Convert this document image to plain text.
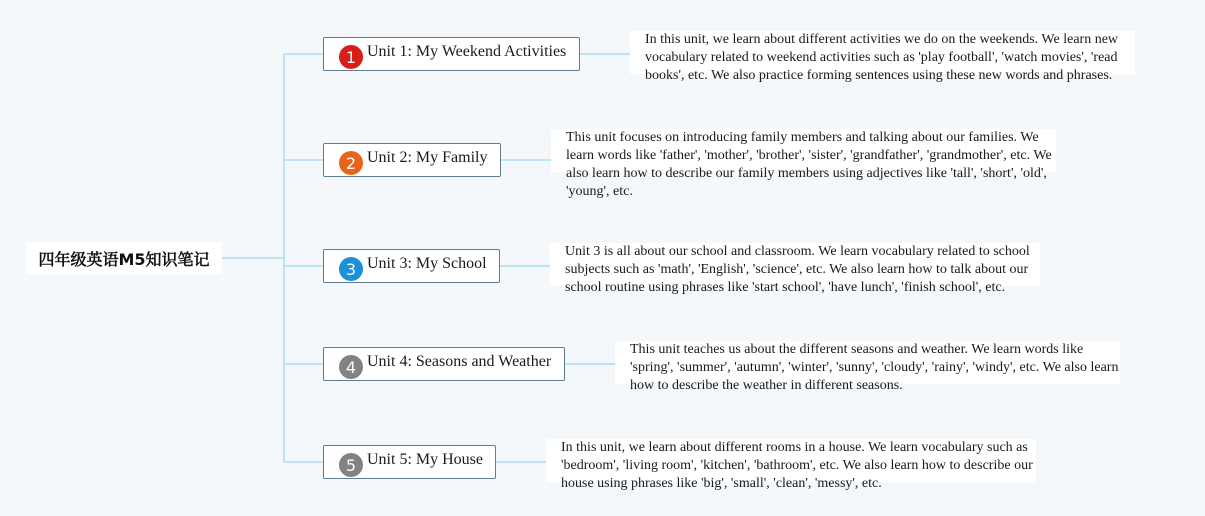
四年级英语M5知识笔记
1 Unit 1: My Weekend Activities
In this unit, we learn about different activities we do on the weekends. We learn new vocabulary related to weekend activities such as 'play football', 'watch movies', 'read books', etc. We also practice forming sentences using these new words and phrases.
2 Unit 2: My Family
This unit focuses on introducing family members and talking about our families. We learn words like 'father', 'mother', 'brother', 'sister', 'grandfather', 'grandmother', etc. We also learn how to describe our family members using adjectives like 'tall', 'short', 'old', 'young', etc.
3 Unit 3: My School
Unit 3 is all about our school and classroom. We learn vocabulary related to school subjects such as 'math', 'English', 'science', etc. We also learn how to talk about our school routine using phrases like 'start school', 'have lunch', 'finish school', etc.
4 Unit 4: Seasons and Weather
This unit teaches us about the different seasons and weather. We learn words like 'spring', 'summer', 'autumn', 'winter', 'sunny', 'cloudy', 'rainy', 'windy', etc. We also learn how to describe the weather in different seasons.
5 Unit 5: My House
In this unit, we learn about different rooms in a house. We learn vocabulary such as 'bedroom', 'living room', 'kitchen', 'bathroom', etc. We also learn how to describe our house using phrases like 'big', 'small', 'clean', 'messy', etc.
